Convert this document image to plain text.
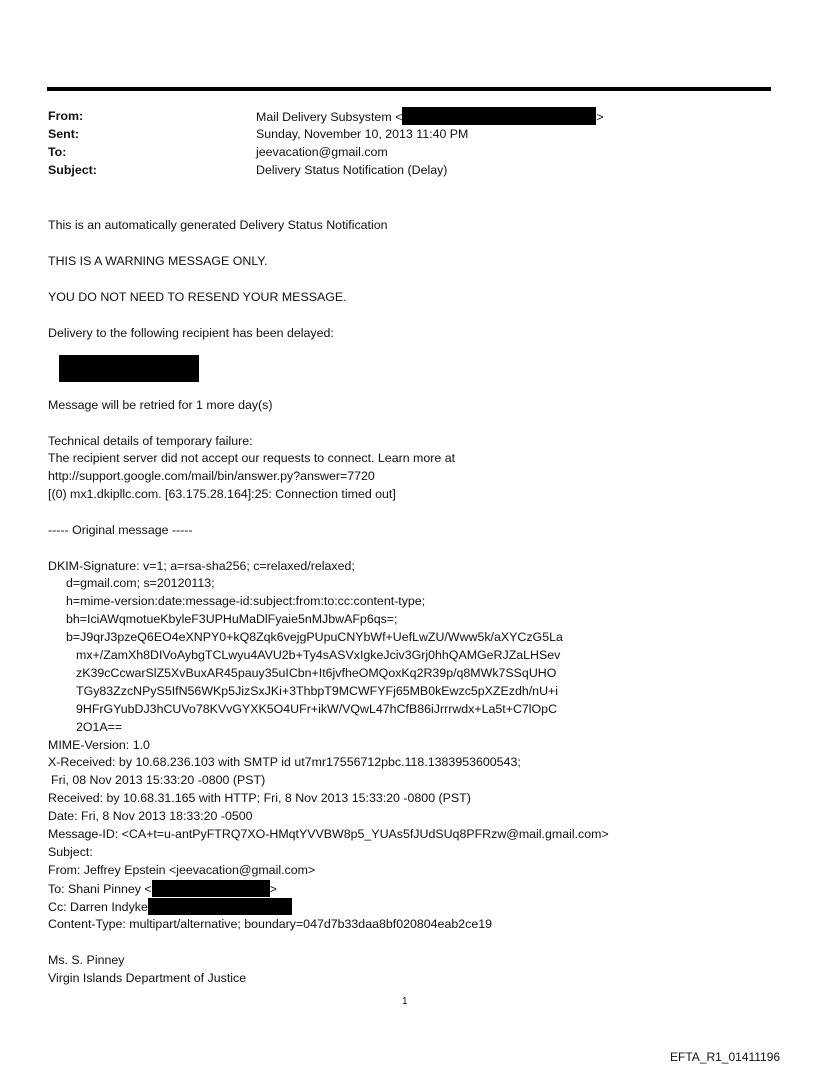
From:	Mail Delivery Subsystem <	>
Sent:	Sunday, November 10, 2013 11:40 PM
To:	jeevacation@gmail.com
Subject:	Delivery Status Notification (Delay)
This is an automatically generated Delivery Status Notification
THIS IS A WARNING MESSAGE ONLY.
YOU DO NOT NEED TO RESEND YOUR MESSAGE.
Delivery to the following recipient has been delayed:
Message will be retried for 1 more day(s)
Technical details of temporary failure:
The recipient server did not accept our requests to connect. Learn more at
http://support.google.com/mail/bin/answer.py?answer=7720
[(0) mx1.dkipllc.com. [63.175.28.164]:25: Connection timed out]
----- Original message -----
DKIM-Signature: v=1; a=rsa-sha256; c=relaxed/relaxed;
d=gmail.com; s=20120113;
h=mime-version:date:message-id:subject:from:to:cc:content-type;
bh=IciAWqmotueKbyleF3UPHuMaDlFyaie5nMJbwAFp6qs=;
b=J9qrJ3pzeQ6EO4eXNPY0+kQ8Zqk6vejgPUpuCNYbWf+UefLwZU/Www5k/aXYCzG5La
mx+/ZamXh8DIVoAybgTCLwyu4AVU2b+Ty4sASVxIgkeJciv3Grj0hhQAMGeRJZaLHSev
zK39cCcwarSlZ5XvBuxAR45pauy35uICbn+It6jvfheOMQoxKq2R39p/q8MWk7SSqUHO
TGy83ZzcNPyS5IfN56WKp5JizSxJKi+3ThbpT9MCWFYFj65MB0kEwzc5pXZEzdh/nU+i
9HFrGYubDJ3hCUVo78KVvGYXK5O4UFr+ikW/VQwL47hCfB86iJrrrwdx+La5t+C7lOpC
2O1A==
MIME-Version: 1.0
X-Received: by 10.68.236.103 with SMTP id ut7mr17556712pbc.118.1383953600543;
Fri, 08 Nov 2013 15:33:20 -0800 (PST)
Received: by 10.68.31.165 with HTTP; Fri, 8 Nov 2013 15:33:20 -0800 (PST)
Date: Fri, 8 Nov 2013 18:33:20 -0500
Message-ID: <CA+t=u-antPyFTRQ7XO-HMqtYVVBW8p5_YUAs5fJUdSUq8PFRzw@mail.gmail.com>
Subject:
From: Jeffrey Epstein <jeevacation@gmail.com>
To: Shani Pinney <	>
Cc: Darren Indyke
Content-Type: multipart/alternative; boundary=047d7b33daa8bf020804eab2ce19
Ms. S. Pinney
Virgin Islands Department of Justice
1
EFTA_R1_01411196
